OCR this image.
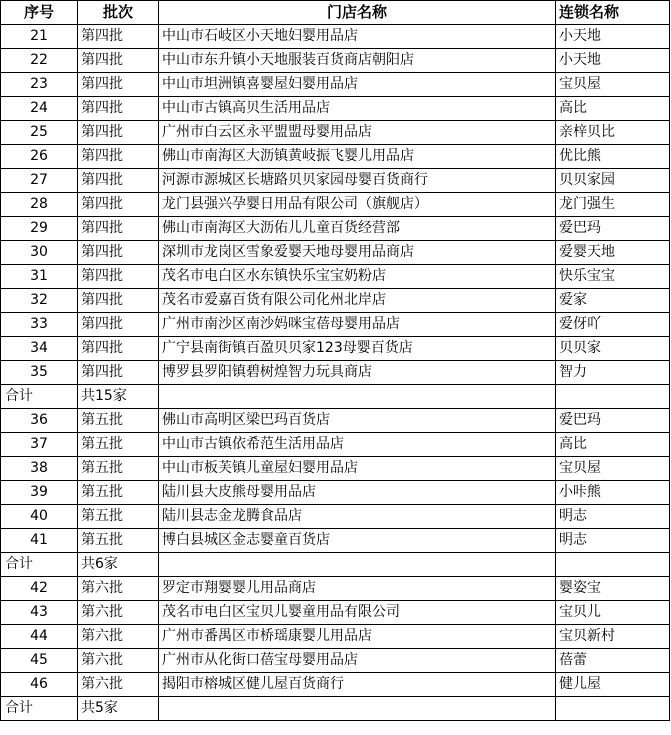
序号	批次	门店名称	连锁名称
21	第四批	中山市石岐区小天地妇婴用品店	小天地
22	第四批	中山市东升镇小天地服装百货商店朝阳店	小天地
23	第四批	中山市坦洲镇喜婴屋妇婴用品店	宝贝屋
24	第四批	中山市古镇高贝生活用品店	高比
25	第四批	广州市白云区永平盟盟母婴用品店	亲梓贝比
26	第四批	佛山市南海区大沥镇黄岐振飞婴儿用品店	优比熊
27	第四批	河源市源城区长塘路贝贝家园母婴百货商行	贝贝家园
28	第四批	龙门县强兴孕婴日用品有限公司（旗舰店）	龙门强生
29	第四批	佛山市南海区大沥佑儿儿童百货经营部	爱巴玛
30	第四批	深圳市龙岗区雪象爱婴天地母婴用品商店	爱婴天地
31	第四批	茂名市电白区水东镇快乐宝宝奶粉店	快乐宝宝
32	第四批	茂名市爱嘉百货有限公司化州北岸店	爱家
33	第四批	广州市南沙区南沙妈咪宝蓓母婴用品店	爱伢吖
34	第四批	广宁县南街镇百盈贝贝家123母婴百货店	贝贝家
35	第四批	博罗县罗阳镇碧树煌智力玩具商店	智力
合计	共15家		
36	第五批	佛山市高明区梁巴玛百货店	爱巴玛
37	第五批	中山市古镇依希范生活用品店	高比
38	第五批	中山市板芙镇儿童屋妇婴用品店	宝贝屋
39	第五批	陆川县大皮熊母婴用品店	小咔熊
40	第五批	陆川县志金龙腾食品店	明志
41	第五批	博白县城区金志婴童百货店	明志
合计	共6家		
42	第六批	罗定市翔婴婴儿用品商店	婴姿宝
43	第六批	茂名市电白区宝贝儿婴童用品有限公司	宝贝儿
44	第六批	广州市番禺区市桥瑶康婴儿用品店	宝贝新村
45	第六批	广州市从化街口蓓宝母婴用品店	蓓蕾
46	第六批	揭阳市榕城区健儿屋百货商行	健儿屋
合计	共5家		
